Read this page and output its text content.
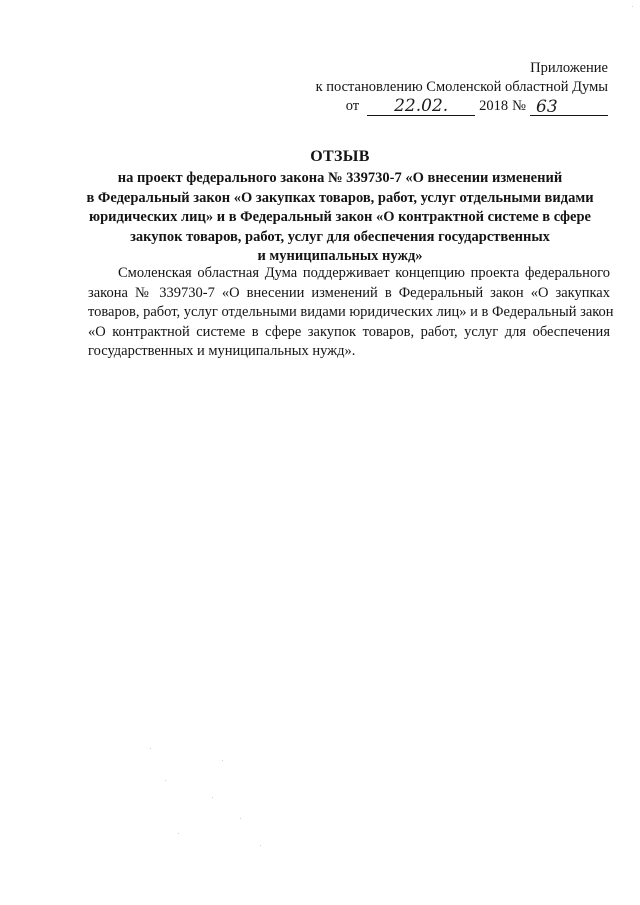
Приложение
к постановлению Смоленской областной Думы
от	22.02.	2018 № 63
ОТЗЫВ
на проект федерального закона № 339730-7 «О внесении изменений
в Федеральный закон «О закупках товаров, работ, услуг отдельными видами
юридических лиц» и в Федеральный закон «О контрактной системе в сфере
закупок товаров, работ, услуг для обеспечения государственных
и муниципальных нужд»
Смоленская областная Дума поддерживает концепцию проекта федерального
закона № 339730-7 «О внесении изменений в Федеральный закон «О закупках
товаров, работ, услуг отдельными видами юридических лиц» и в Федеральный закон
«О контрактной системе в сфере закупок товаров, работ, услуг для обеспечения
государственных и муниципальных нужд».
